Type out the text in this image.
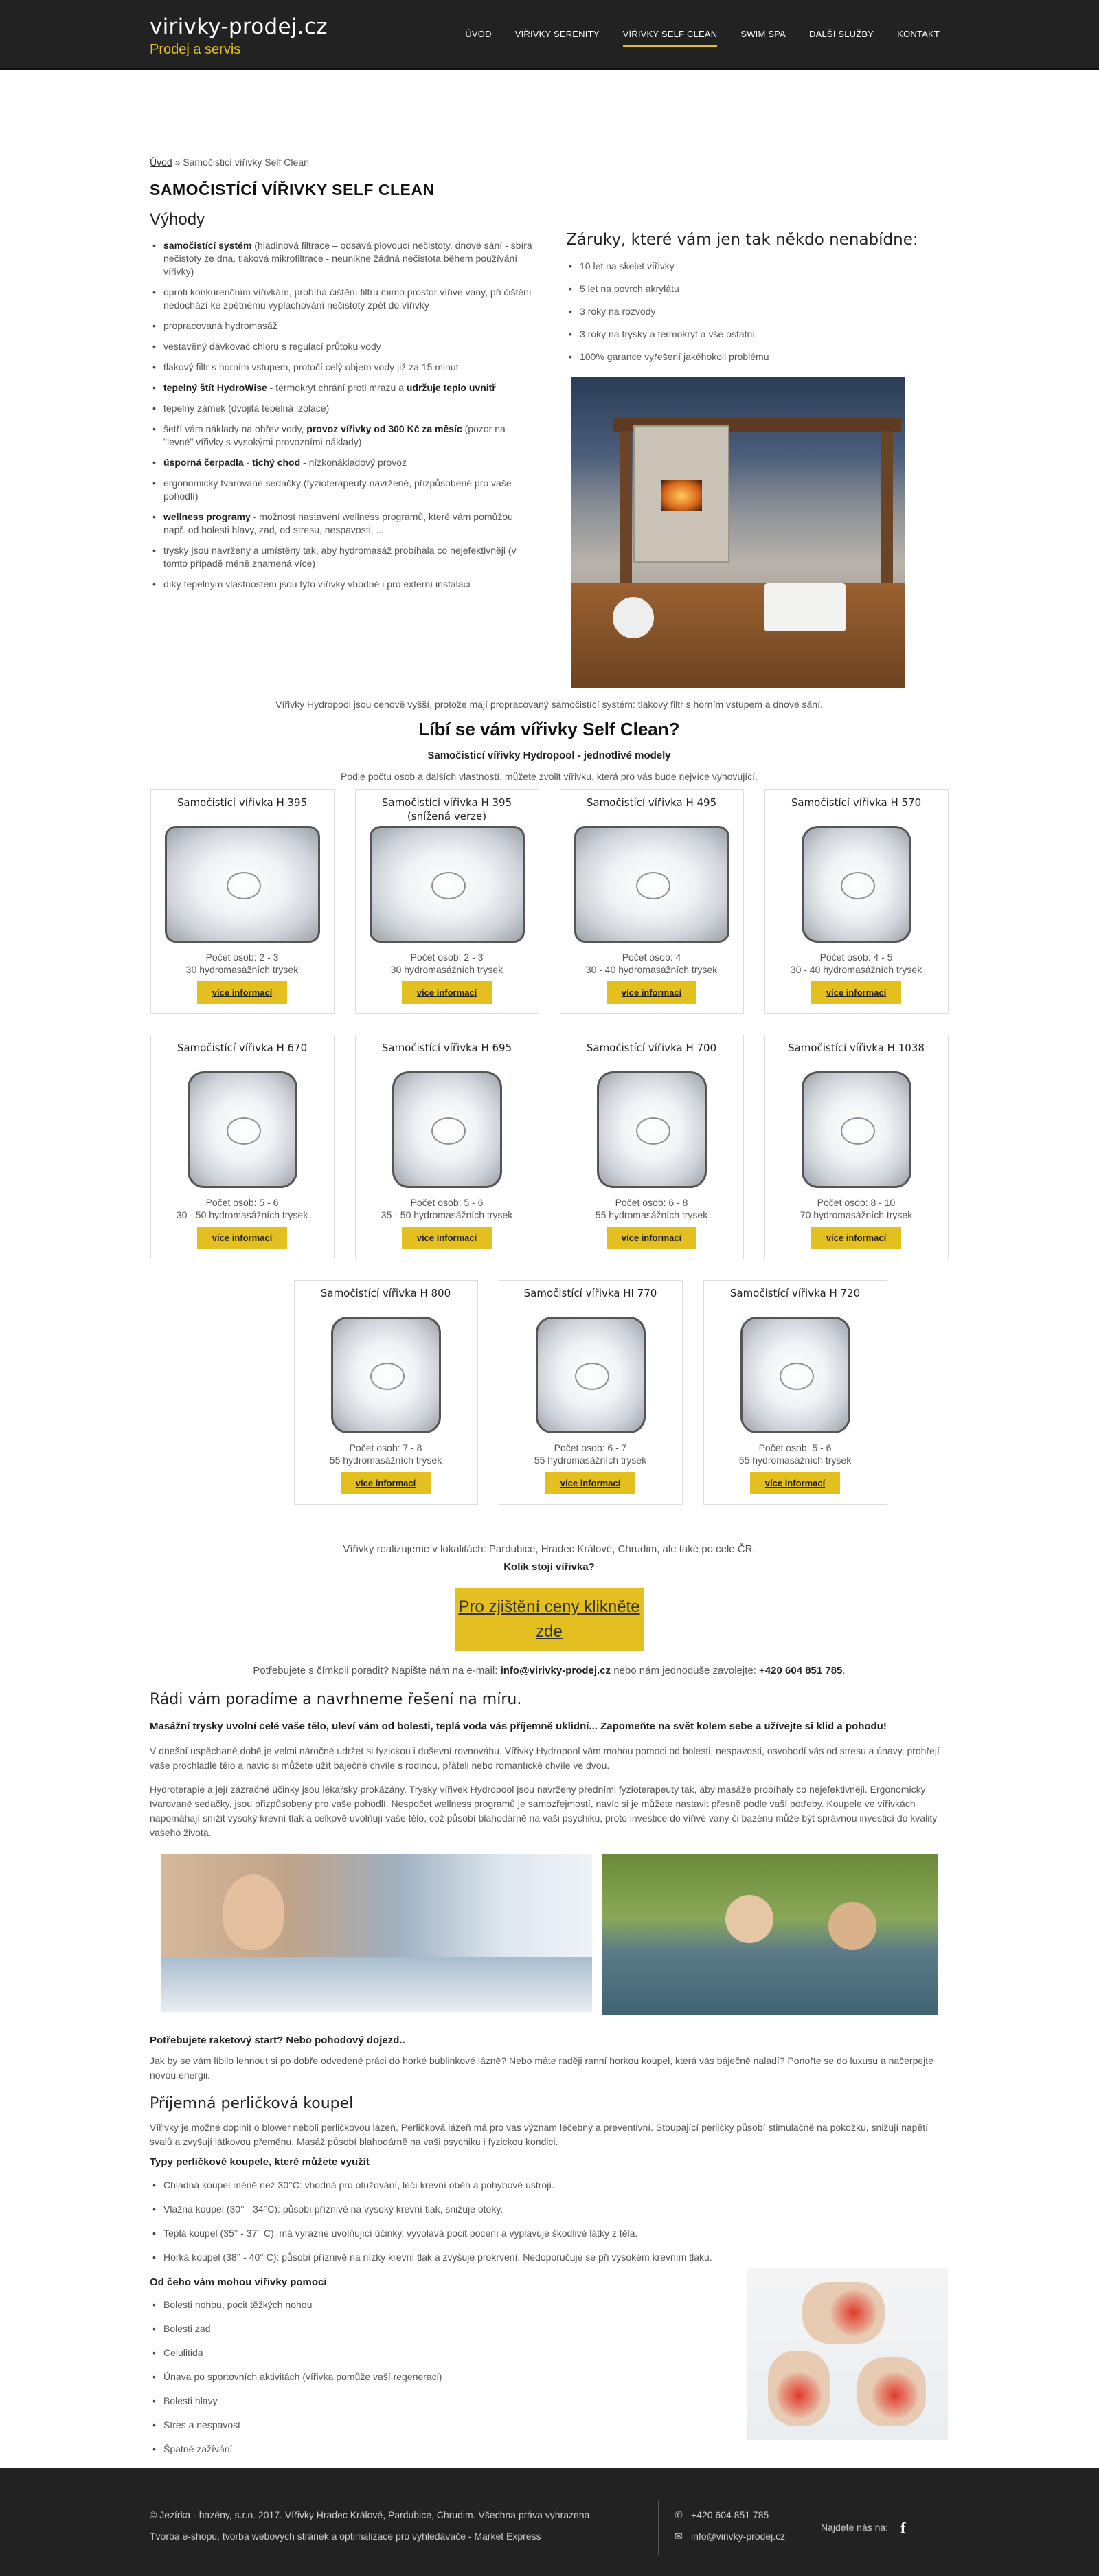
virivky-prodej.cz
Prodej a servis
ÚVOD	VÍŘIVKY SERENITY	VÍŘIVKY SELF CLEAN	SWIM SPA	DALŠÍ SLUŽBY	KONTAKT
Úvod » Samočisticí vířivky Self Clean
SAMOČISTÍCÍ VÍŘIVKY SELF CLEAN
Výhody
• samočistící systém (hladinová filtrace – odsává plovoucí nečistoty, dnové sání - sbírá nečistoty ze dna, tlaková mikrofiltrace - neunikne žádná nečistota během používání vířivky)
• oproti konkurenčním vířivkám, probíhá čištění filtru mimo prostor vířivé vany, při čištění nedochází ke zpětnému vyplachování nečistoty zpět do vířivky
• propracovaná hydromasáž
• vestavěný dávkovač chloru s regulací průtoku vody
• tlakový filtr s horním vstupem, protočí celý objem vody již za 15 minut
• tepelný štít HydroWise - termokryt chrání proti mrazu a udržuje teplo uvnitř
• tepelný zámek (dvojitá tepelná izolace)
• šetří vám náklady na ohřev vody, provoz vířivky od 300 Kč za měsíc (pozor na "levné" vířivky s vysokými provozními náklady)
• úsporná čerpadla - tichý chod - nízkonákladový provoz
• ergonomicky tvarované sedačky (fyzioterapeuty navržené, přizpůsobené pro vaše pohodlí)
• wellness programy - možnost nastavení wellness programů, které vám pomůžou např. od bolesti hlavy, zad, od stresu, nespavosti, ...
• trysky jsou navrženy a umístěny tak, aby hydromasáž probíhala co nejefektivněji (v tomto případě méně znamená více)
• díky tepelným vlastnostem jsou tyto vířivky vhodné i pro externí instalaci
Záruky, které vám jen tak někdo nenabídne:
• 10 let na skelet vířivky
• 5 let na povrch akrylátu
• 3 roky na rozvody
• 3 roky na trysky a termokryt a vše ostatní
• 100% garance vyřešení jakéhokoli problému
Vířivky Hydropool jsou cenově vyšší, protože mají propracovaný samočistící systém: tlakový filtr s horním vstupem a dnové sání.
Líbí se vám vířivky Self Clean?
Samočisticí vířivky Hydropool - jednotlivé modely
Podle počtu osob a dalších vlastností, můžete zvolit vířivku, která pro vás bude nejvíce vyhovující.
Samočistící vířivka H 395
Počet osob: 2 - 3
30 hydromasážních trysek
více informací
Samočistící vířivka H 395 (snížená verze)
Počet osob: 2 - 3
30 hydromasážních trysek
více informací
Samočistící vířivka H 495
Počet osob: 4
30 - 40 hydromasážních trysek
více informací
Samočistící vířivka H 570
Počet osob: 4 - 5
30 - 40 hydromasážních trysek
více informací
Samočistící vířivka H 670
Počet osob: 5 - 6
30 - 50 hydromasážních trysek
více informací
Samočistící vířivka H 695
Počet osob: 5 - 6
35 - 50 hydromasážních trysek
více informací
Samočistící vířivka H 700
Počet osob: 6 - 8
55 hydromasážních trysek
více informací
Samočistící vířivka H 1038
Počet osob: 8 - 10
70 hydromasážních trysek
více informací
Samočistící vířivka H 800
Počet osob: 7 - 8
55 hydromasážních trysek
více informací
Samočistící vířivka HI 770
Počet osob: 6 - 7
55 hydromasážních trysek
více informací
Samočistící vířivka H 720
Počet osob: 5 - 6
55 hydromasážních trysek
více informací
Vířivky realizujeme v lokalitách: Pardubice, Hradec Králové, Chrudim, ale také po celé ČR.
Kolik stojí vířivka?
Pro zjištění ceny klikněte zde
Potřebujete s čímkoli poradit? Napište nám na e-mail: info@virivky-prodej.cz nebo nám jednoduše zavolejte: +420 604 851 785.
Rádi vám poradíme a navrhneme řešení na míru.
Masážní trysky uvolní celé vaše tělo, uleví vám od bolesti, teplá voda vás příjemně uklidní... Zapomeňte na svět kolem sebe a užívejte si klid a pohodu!
V dnešní uspěchané době je velmi náročné udržet si fyzickou i duševní rovnováhu. Vířivky Hydropool vám mohou pomoci od bolesti, nespavosti, osvobodí vás od stresu a únavy, prohřejí vaše prochladlé tělo a navíc si můžete užít báječné chvíle s rodinou, přáteli nebo romantické chvíle ve dvou.
Hydroterapie a její zázračné účinky jsou lékařsky prokázány. Trysky vířivek Hydropool jsou navrženy předními fyzioterapeuty tak, aby masáže probíhaly co nejefektivněji. Ergonomicky tvarované sedačky, jsou přizpůsobeny pro vaše pohodlí. Nespočet wellness programů je samozřejmostí, navíc si je můžete nastavit přesně podle vaší potřeby. Koupele ve vířivkách napomáhají snížit vysoký krevní tlak a celkově uvolňují vaše tělo, což působí blahodárně na vaši psychiku, proto investice do vířivé vany či bazénu může být správnou investicí do kvality vašeho života.
Potřebujete raketový start? Nebo pohodový dojezd..
Jak by se vám líbilo lehnout si po dobře odvedené práci do horké bublinkové lázně? Nebo máte raději ranní horkou koupel, která vás báječně naladí? Ponořte se do luxusu a načerpejte novou energii.
Příjemná perličková koupel
Vířivky je možné doplnit o blower neboli perličkovou lázeň. Perličková lázeň má pro vás význam léčebný a preventivní. Stoupající perličky působí stimulačně na pokožku, snižují napětí svalů a zvyšují látkovou přeměnu. Masáž působí blahodárně na vaši psychiku i fyzickou kondici.
Typy perličkové koupele, které můžete využít
• Chladná koupel méně než 30°C: vhodná pro otužování, léčí krevní oběh a pohybové ústrojí.
• Vlažná koupel (30° - 34°C): působí příznivě na vysoký krevní tlak, snižuje otoky.
• Teplá koupel (35° - 37° C): má výrazné uvolňující účinky, vyvolává pocit pocení a vyplavuje škodlivé látky z těla.
• Horká koupel (38° - 40° C): působí příznivě na nízký krevní tlak a zvyšuje prokrvení. Nedoporučuje se při vysokém krevním tlaku.
Od čeho vám mohou vířivky pomoci
• Bolesti nohou, pocit těžkých nohou
• Bolesti zad
• Celulitida
• Únava po sportovních aktivitách (vířivka pomůže vaší regeneraci)
• Bolesti hlavy
• Stres a nespavost
• Špatné zažívání
© Jezírka - bazény, s.r.o. 2017. Vířivky Hradec Králové, Pardubice, Chrudim. Všechna práva vyhrazena.
Tvorba e-shopu, tvorba webových stránek a optimalizace pro vyhledávače - Market Express
✆ +420 604 851 785
✉ info@virivky-prodej.cz
Najdete nás na: f
